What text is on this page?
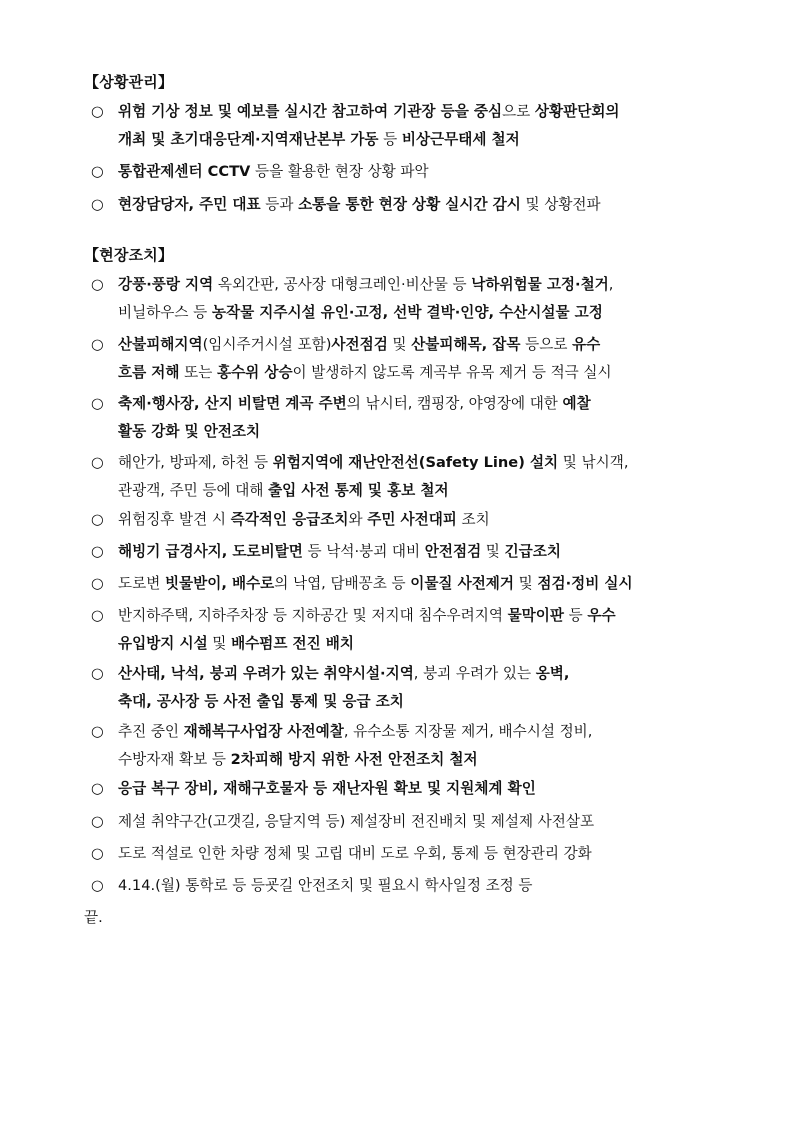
【상황관리】
○ 위험 기상 정보 및 예보를 실시간 참고하여 기관장 등을 중심으로 상황판단회의
개최 및 초기대응단계·지역재난본부 가동 등 비상근무태세 철저
○ 통합관제센터 CCTV 등을 활용한 현장 상황 파악
○ 현장담당자, 주민 대표 등과 소통을 통한 현장 상황 실시간 감시 및 상황전파
【현장조치】
○ 강풍·풍랑 지역 옥외간판, 공사장 대형크레인·비산물 등 낙하위험물 고정·철거,
비닐하우스 등 농작물 지주시설 유인·고정, 선박 결박·인양, 수산시설물 고정
○ 산불피해지역(임시주거시설 포함)사전점검 및 산불피해목, 잡목 등으로 유수
흐름 저해 또는 홍수위 상승이 발생하지 않도록 계곡부 유목 제거 등 적극 실시
○ 축제·행사장, 산지 비탈면 계곡 주변의 낚시터, 캠핑장, 야영장에 대한 예찰
활동 강화 및 안전조치
○ 해안가, 방파제, 하천 등 위험지역에 재난안전선(Safety Line) 설치 및 낚시객,
관광객, 주민 등에 대해 출입 사전 통제 및 홍보 철저
○ 위험징후 발견 시 즉각적인 응급조치와 주민 사전대피 조치
○ 해빙기 급경사지, 도로비탈면 등 낙석·붕괴 대비 안전점검 및 긴급조치
○ 도로변 빗물받이, 배수로의 낙엽, 담배꽁초 등 이물질 사전제거 및 점검·정비 실시
○ 반지하주택, 지하주차장 등 지하공간 및 저지대 침수우려지역 물막이판 등 우수
유입방지 시설 및 배수펌프 전진 배치
○ 산사태, 낙석, 붕괴 우려가 있는 취약시설·지역, 붕괴 우려가 있는 옹벽,
축대, 공사장 등 사전 출입 통제 및 응급 조치
○ 추진 중인 재해복구사업장 사전예찰, 유수소통 지장물 제거, 배수시설 정비,
수방자재 확보 등 2차피해 방지 위한 사전 안전조치 철저
○ 응급 복구 장비, 재해구호물자 등 재난자원 확보 및 지원체계 확인
○ 제설 취약구간(고갯길, 응달지역 등) 제설장비 전진배치 및 제설제 사전살포
○ 도로 적설로 인한 차량 정체 및 고립 대비 도로 우회, 통제 등 현장관리 강화
○ 4.14.(월) 통학로 등 등굣길 안전조치 및 필요시 학사일정 조정 등
끝.
